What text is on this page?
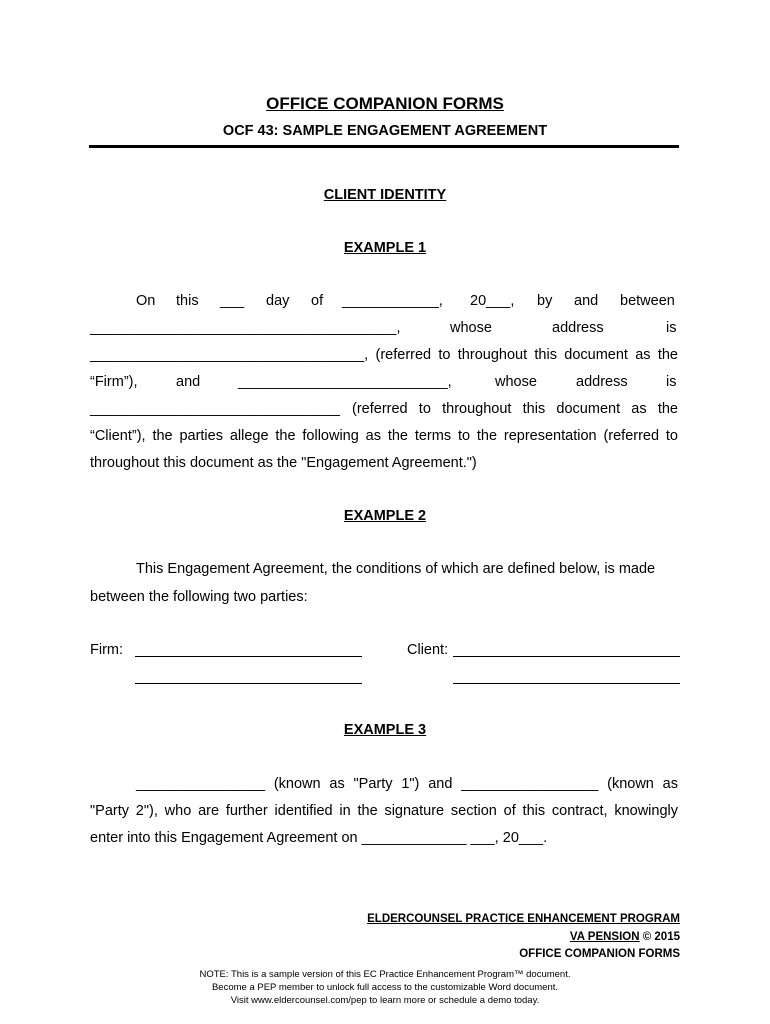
OFFICE COMPANION FORMS
OCF 43: SAMPLE ENGAGEMENT AGREEMENT
CLIENT IDENTITY
EXAMPLE 1
On this ___ day of ____________, 20___, by and between
______________________________________,	whose	address	is
__________________________________, (referred to throughout this document as the
“Firm”),	and	__________________________,	whose	address	is
_______________________________ (referred to throughout this document as the
“Client”), the parties allege the following as the terms to the representation (referred to
throughout this document as the "Engagement Agreement.")
EXAMPLE 2
This Engagement Agreement, the conditions of which are defined below, is made
between the following two parties:
Firm:	Client:
EXAMPLE 3
________________ (known as "Party 1") and _________________ (known as
"Party 2"), who are further identified in the signature section of this contract, knowingly
enter into this Engagement Agreement on _____________ ___, 20___.
ELDERCOUNSEL PRACTICE ENHANCEMENT PROGRAM
VA PENSION © 2015
OFFICE COMPANION FORMS
NOTE: This is a sample version of this EC Practice Enhancement Program™ document.
Become a PEP member to unlock full access to the customizable Word document.
Visit www.eldercounsel.com/pep to learn more or schedule a demo today.
